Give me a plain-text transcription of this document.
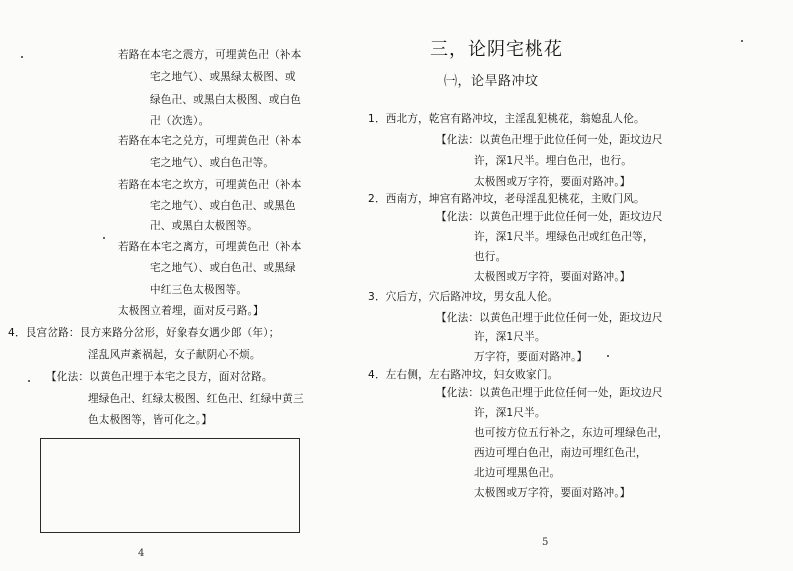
若路在本宅之震方，可埋黄色卍（补本
宅之地气）、或黑绿太极图、或
绿色卍、或黑白太极图、或白色
卍（次选）。
若路在本宅之兑方，可埋黄色卍（补本
宅之地气）、或白色卍等。
若路在本宅之坎方，可埋黄色卍（补本
宅之地气）、或白色卍、或黑色
卍、或黑白太极图等。
若路在本宅之离方，可埋黄色卍（补本
宅之地气）、或白色卍、或黑绿
中红三色太极图等。
太极图立着埋，面对反弓路。】
4．艮宫岔路：艮方来路分岔形，好象春女遇少郎（年）；
淫乱风声紊祸起，女子献阴心不烦。
【化法：以黄色卍埋于本宅之艮方，面对岔路。
埋绿色卍、红绿太极图、红色卍、红绿中黄三
色太极图等，皆可化之。】
4
三，论阴宅桃花
㈠，论旱路冲坟
1．西北方，乾宫有路冲坟，主淫乱犯桃花，翁媳乱人伦。
【化法：以黄色卍埋于此位任何一处，距坟边尺
许，深1尺半。埋白色卍，也行。
太极图或万字符，要面对路冲。】
2．西南方，坤宫有路冲坟，老母淫乱犯桃花，主败门风。
【化法：以黄色卍埋于此位任何一处，距坟边尺
许，深1尺半。埋绿色卍或红色卍等，
也行。
太极图或万字符，要面对路冲。】
3．穴后方，穴后路冲坟，男女乱人伦。
【化法：以黄色卍埋于此位任何一处，距坟边尺
许，深1尺半。
万字符，要面对路冲。】
4．左右侧，左右路冲坟，妇女败家门。
【化法：以黄色卍埋于此位任何一处，距坟边尺
许，深1尺半。
也可按方位五行补之，东边可埋绿色卍，
西边可埋白色卍，南边可埋红色卍，
北边可埋黑色卍。
太极图或万字符，要面对路冲。】
5
